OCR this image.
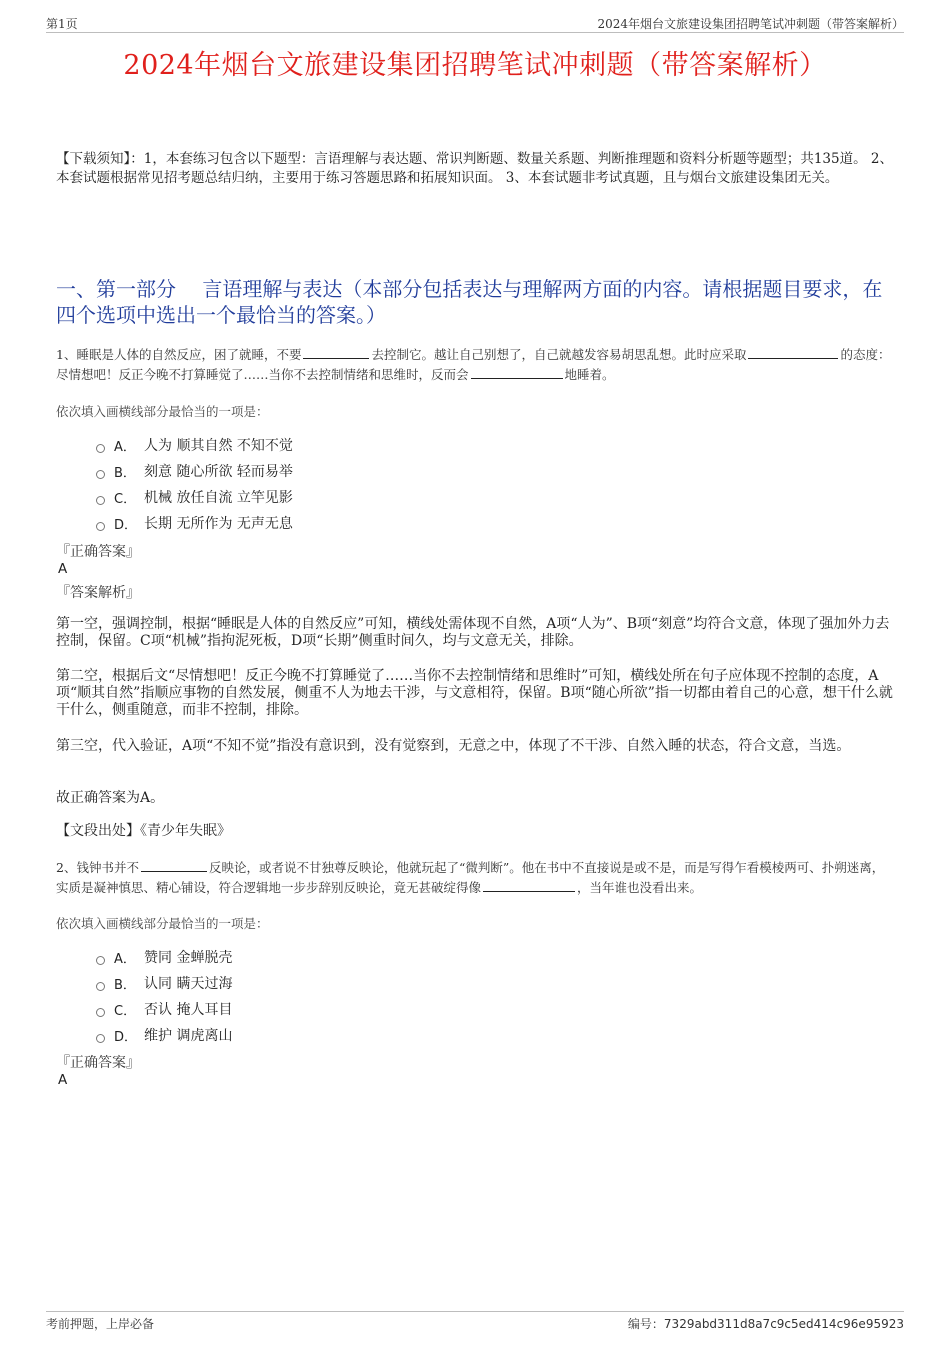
第1页	2024年烟台文旅建设集团招聘笔试冲刺题（带答案解析）
2024年烟台文旅建设集团招聘笔试冲刺题（带答案解析）
【下载须知】：1，本套练习包含以下题型：言语理解与表达题、常识判断题、数量关系题、判断推理题和资料分析题等题型；共135道。 2、本套试题根据常见招考题总结归纳，主要用于练习答题思路和拓展知识面。 3、本套试题非考试真题，且与烟台文旅建设集团无关。
一、第一部分　 言语理解与表达（本部分包括表达与理解两方面的内容。请根据题目要求，在四个选项中选出一个最恰当的答案。）
1、睡眠是人体的自然反应，困了就睡，不要	去控制它。越让自己别想了，自己就越发容易胡思乱想。此时应采取	的态度：尽情想吧！反正今晚不打算睡觉了……当你不去控制情绪和思维时，反而会	地睡着。
依次填入画横线部分最恰当的一项是：
A． 人为 顺其自然 不知不觉
B． 刻意 随心所欲 轻而易举
C． 机械 放任自流 立竿见影
D． 长期 无所作为 无声无息
『正确答案』
A
『答案解析』
第一空，强调控制，根据“睡眠是人体的自然反应”可知，横线处需体现不自然，A项“人为”、B项“刻意”均符合文意，体现了强加外力去控制，保留。C项“机械”指拘泥死板，D项“长期”侧重时间久，均与文意无关，排除。
第二空，根据后文“尽情想吧！反正今晚不打算睡觉了……当你不去控制情绪和思维时”可知，横线处所在句子应体现不控制的态度，A项“顺其自然”指顺应事物的自然发展，侧重不人为地去干涉，与文意相符，保留。B项“随心所欲”指一切都由着自己的心意，想干什么就干什么，侧重随意，而非不控制，排除。
第三空，代入验证，A项“不知不觉”指没有意识到，没有觉察到，无意之中，体现了不干涉、自然入睡的状态，符合文意，当选。
故正确答案为A。
【文段出处】《青少年失眠》
2、钱钟书并不	反映论，或者说不甘独尊反映论，他就玩起了“微判断”。他在书中不直接说是或不是，而是写得乍看模棱两可、扑朔迷离，实质是凝神慎思、精心铺设，符合逻辑地一步步辞别反映论，竟无甚破绽得像	，当年谁也没看出来。
依次填入画横线部分最恰当的一项是：
A． 赞同 金蝉脱壳
B． 认同 瞒天过海
C． 否认 掩人耳目
D． 维护 调虎离山
『正确答案』
A
考前押题，上岸必备	编号：7329abd311d8a7c9c5ed414c96e95923
